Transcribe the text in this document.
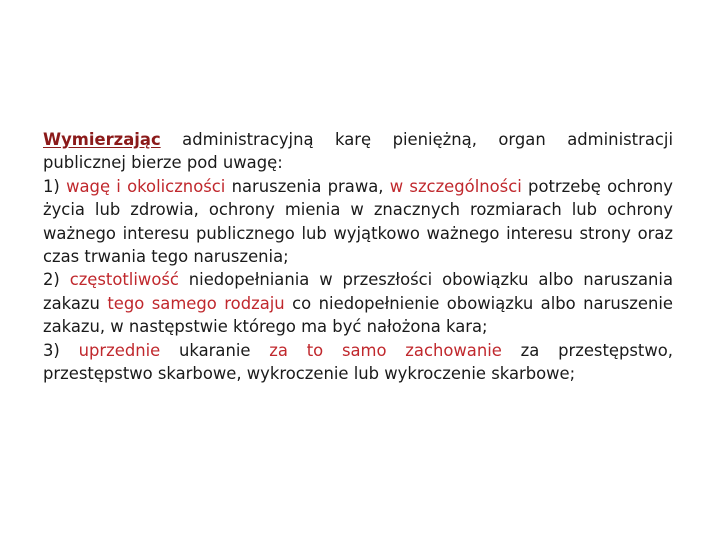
Wymierzając administracyjną karę pieniężną, organ administracji publicznej bierze pod uwagę:

1) wagę i okoliczności naruszenia prawa, w szczególności potrzebę ochrony życia lub zdrowia, ochrony mienia w znacznych rozmiarach lub ochrony ważnego interesu publicznego lub wyjątkowo ważnego interesu strony oraz czas trwania tego naruszenia;

2) częstotliwość niedopełniania w przeszłości obowiązku albo naruszania zakazu tego samego rodzaju co niedopełnienie obowiązku albo naruszenie zakazu, w następstwie którego ma być nałożona kara;

3) uprzednie ukaranie za to samo zachowanie za przestępstwo, przestępstwo skarbowe, wykroczenie lub wykroczenie skarbowe;
